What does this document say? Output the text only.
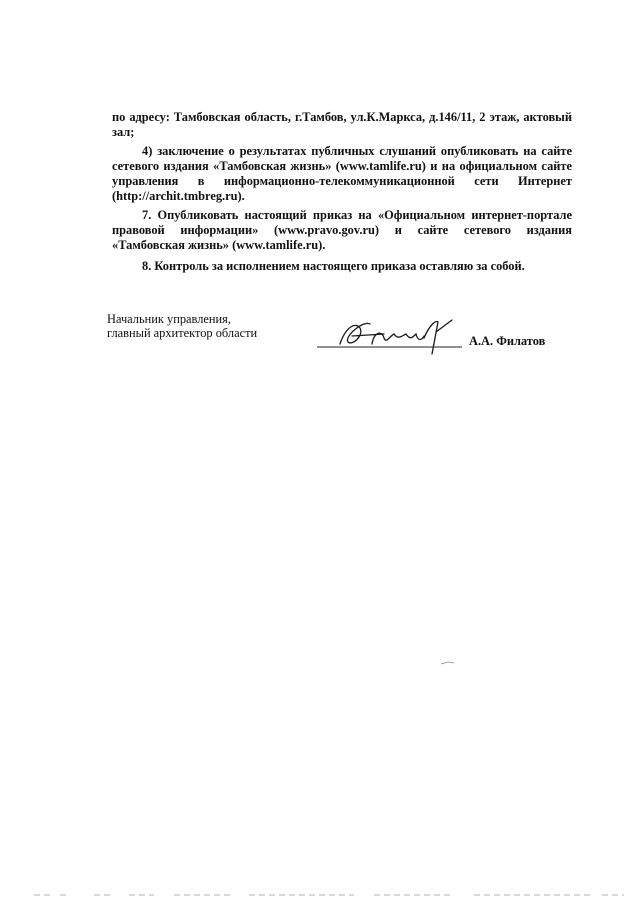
по адресу: Тамбовская область, г.Тамбов, ул.К.Маркса, д.146/11, 2 этаж, актовый зал;

4) заключение о результатах публичных слушаний опубликовать на сайте сетевого издания «Тамбовская жизнь» (www.tamlife.ru) и на официальном сайте управления в информационно-телекоммуникационной сети Интернет (http://archit.tmbreg.ru).

7. Опубликовать настоящий приказ на «Официальном интернет-портале правовой информации» (www.pravo.gov.ru) и сайте сетевого издания «Тамбовская жизнь» (www.tamlife.ru).

8. Контроль за исполнением настоящего приказа оставляю за собой.

Начальник управления,
главный архитектор области
А.А. Филатов
